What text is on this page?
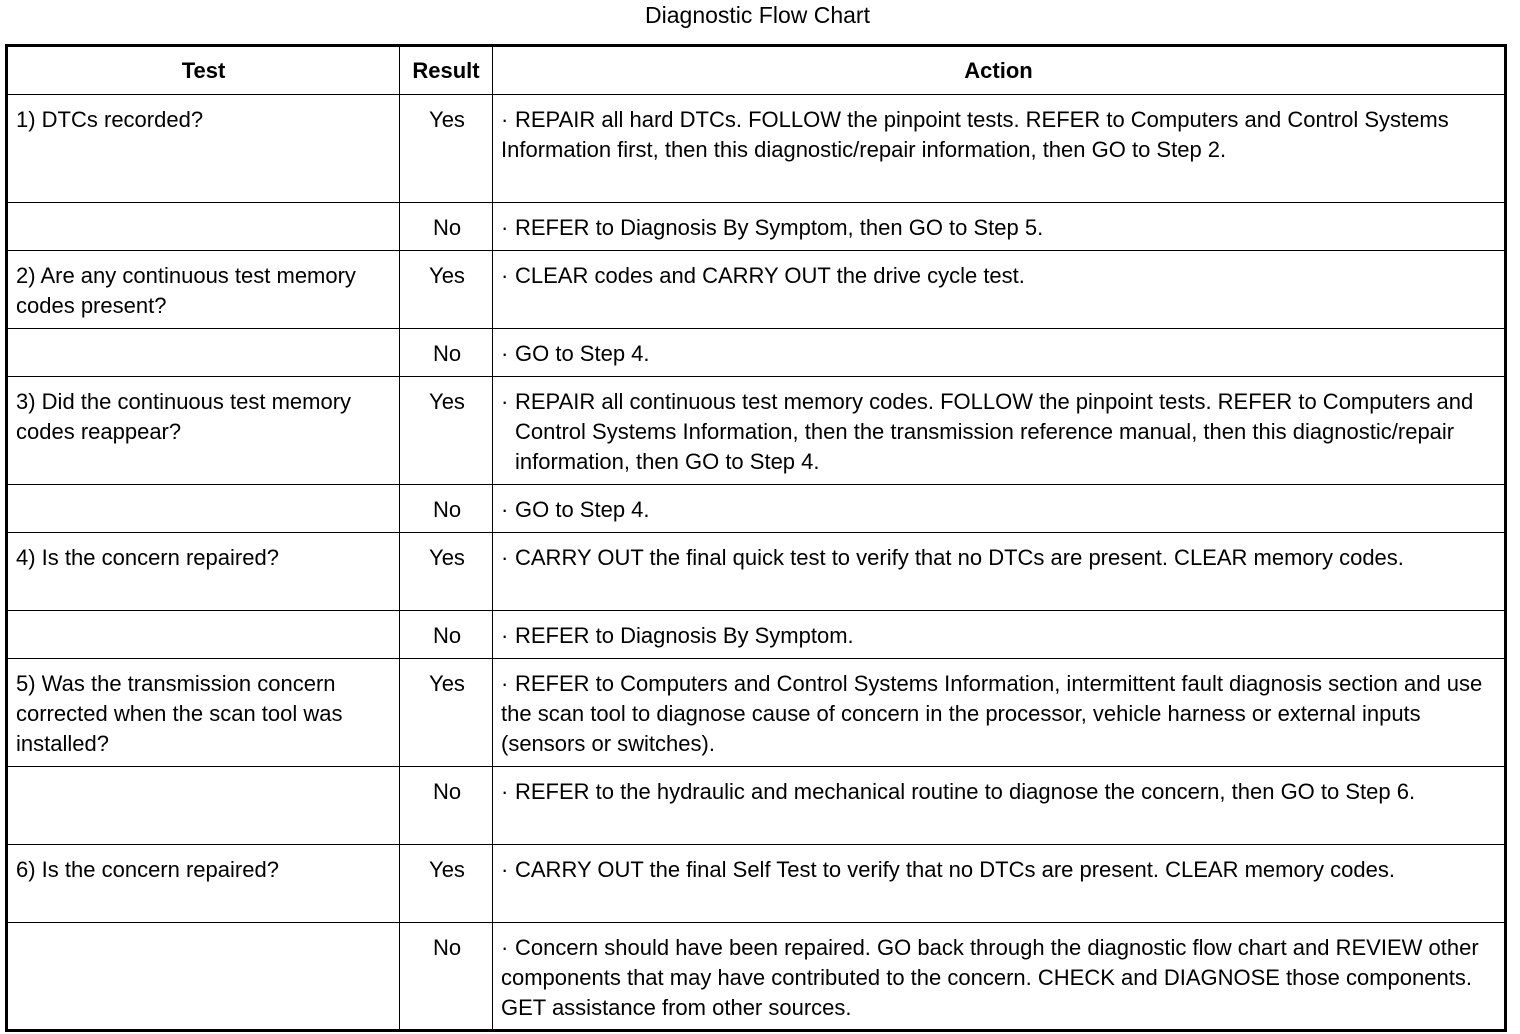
Diagnostic Flow Chart
Test	Result	Action
1) DTCs recorded?	Yes	· REPAIR all hard DTCs. FOLLOW the pinpoint tests. REFER to Computers and Control Systems Information first, then this diagnostic/repair information, then GO to Step 2.
	No	· REFER to Diagnosis By Symptom, then GO to Step 5.
2) Are any continuous test memory codes present?	Yes	· CLEAR codes and CARRY OUT the drive cycle test.
	No	· GO to Step 4.
3) Did the continuous test memory codes reappear?	Yes	· REPAIR all continuous test memory codes. FOLLOW the pinpoint tests. REFER to Computers and Control Systems Information, then the transmission reference manual, then this diagnostic/repair information, then GO to Step 4.
	No	· GO to Step 4.
4) Is the concern repaired?	Yes	· CARRY OUT the final quick test to verify that no DTCs are present. CLEAR memory codes.
	No	· REFER to Diagnosis By Symptom.
5) Was the transmission concern corrected when the scan tool was installed?	Yes	· REFER to Computers and Control Systems Information, intermittent fault diagnosis section and use the scan tool to diagnose cause of concern in the processor, vehicle harness or external inputs (sensors or switches).
	No	· REFER to the hydraulic and mechanical routine to diagnose the concern, then GO to Step 6.
6) Is the concern repaired?	Yes	· CARRY OUT the final Self Test to verify that no DTCs are present. CLEAR memory codes.
	No	· Concern should have been repaired. GO back through the diagnostic flow chart and REVIEW other components that may have contributed to the concern. CHECK and DIAGNOSE those components. GET assistance from other sources.
